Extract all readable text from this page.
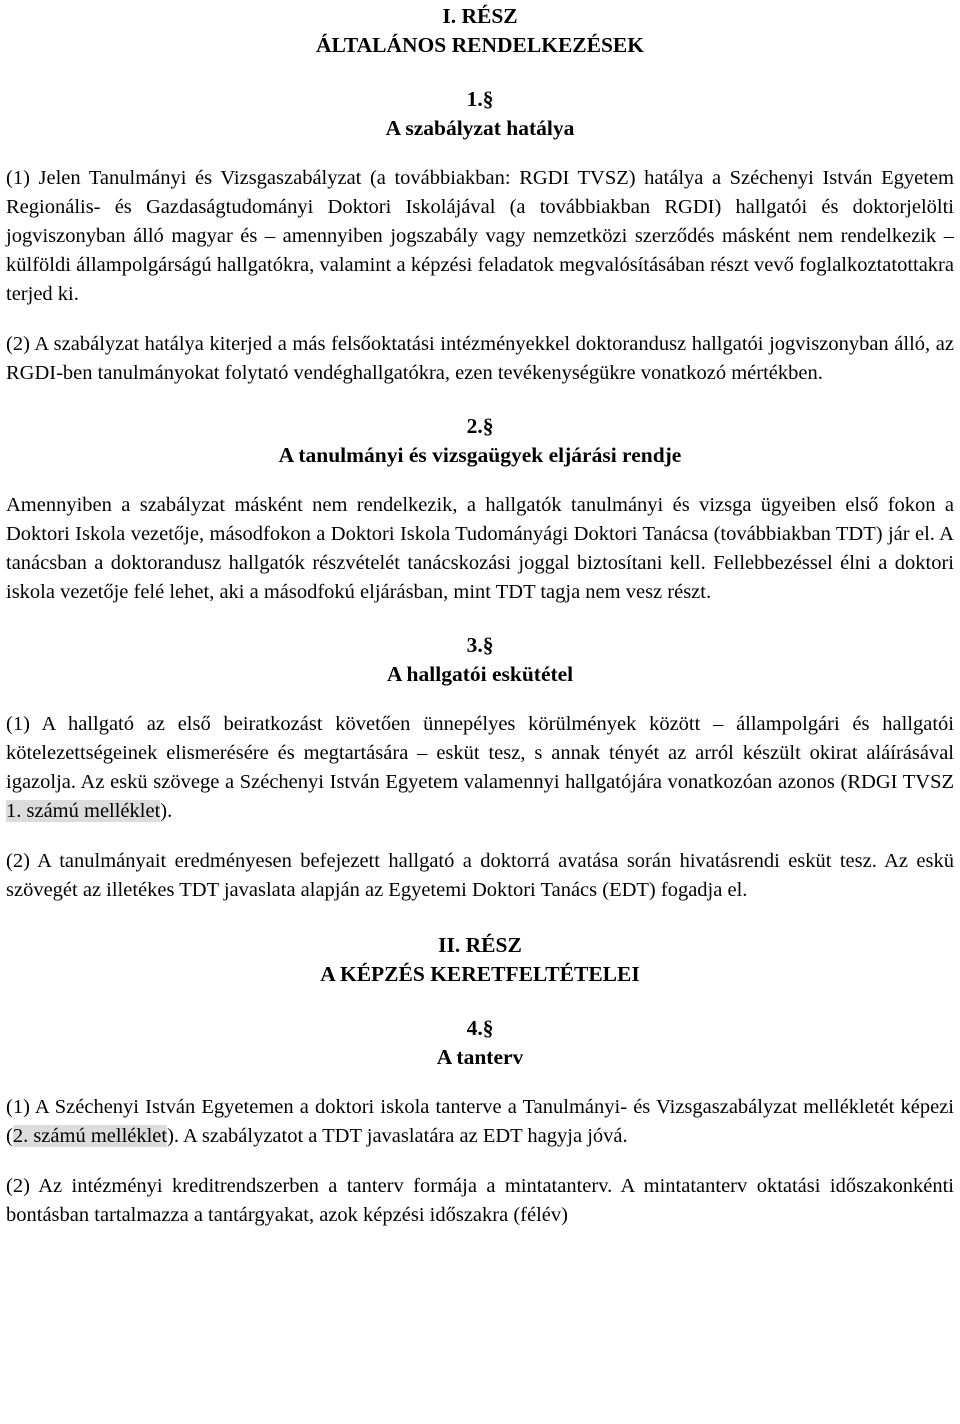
I. RÉSZ
ÁLTALÁNOS RENDELKEZÉSEK
1.§
A szabályzat hatálya

(1) Jelen Tanulmányi és Vizsgaszabályzat (a továbbiakban: RGDI TVSZ) hatálya a Széchenyi István Egyetem Regionális- és Gazdaságtudományi Doktori Iskolájával (a továbbiakban RGDI) hallgatói és doktorjelölti jogviszonyban álló magyar és – amennyiben jogszabály vagy nemzetközi szerződés másként nem rendelkezik – külföldi állampolgárságú hallgatókra, valamint a képzési feladatok megvalósításában részt vevő foglalkoztatottakra terjed ki.

(2) A szabályzat hatálya kiterjed a más felsőoktatási intézményekkel doktorandusz hallgatói jogviszonyban álló, az RGDI-ben tanulmányokat folytató vendéghallgatókra, ezen tevékenységükre vonatkozó mértékben.

2.§
A tanulmányi és vizsgaügyek eljárási rendje

Amennyiben a szabályzat másként nem rendelkezik, a hallgatók tanulmányi és vizsga ügyeiben első fokon a Doktori Iskola vezetője, másodfokon a Doktori Iskola Tudományági Doktori Tanácsa (továbbiakban TDT) jár el. A tanácsban a doktorandusz hallgatók részvételét tanácskozási joggal biztosítani kell. Fellebbezéssel élni a doktori iskola vezetője felé lehet, aki a másodfokú eljárásban, mint TDT tagja nem vesz részt.

3.§
A hallgatói eskütétel

(1) A hallgató az első beiratkozást követően ünnepélyes körülmények között – állampolgári és hallgatói kötelezettségeinek elismerésére és megtartására – esküt tesz, s annak tényét az arról készült okirat aláírásával igazolja. Az eskü szövege a Széchenyi István Egyetem valamennyi hallgatójára vonatkozóan azonos (RDGI TVSZ 1. számú melléklet).

(2) A tanulmányait eredményesen befejezett hallgató a doktorrá avatása során hivatásrendi esküt tesz. Az eskü szövegét az illetékes TDT javaslata alapján az Egyetemi Doktori Tanács (EDT) fogadja el.

II. RÉSZ
A KÉPZÉS KERETFELTÉTELEI
4.§
A tanterv

(1) A Széchenyi István Egyetemen a doktori iskola tanterve a Tanulmányi- és Vizsgaszabályzat mellékletét képezi (2. számú melléklet). A szabályzatot a TDT javaslatára az EDT hagyja jóvá.

(2) Az intézményi kreditrendszerben a tanterv formája a mintatanterv. A mintatanterv oktatási időszakonkénti bontásban tartalmazza a tantárgyakat, azok képzési időszakra (félév)
